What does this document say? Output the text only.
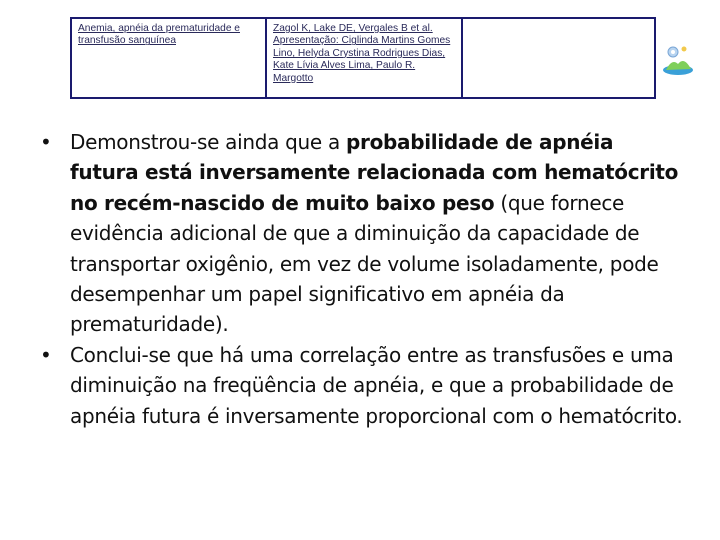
Anemia, apnéia da prematuridade e transfusão sanguínea
Zagol K, Lake DE, Vergales B et al. Apresentação: Ciglinda Martins Gomes Lino, Helyda Crystina Rodrigues Dias, Kate Lívia Alves Lima, Paulo R. Margotto
• Demonstrou-se ainda que a probabilidade de apnéia futura está inversamente relacionada com hematócrito no recém-nascido de muito baixo peso (que fornece evidência adicional de que a diminuição da capacidade de transportar oxigênio, em vez de volume isoladamente, pode desempenhar um papel significativo em apnéia da prematuridade).
• Conclui-se que há uma correlação entre as transfusões e uma diminuição na freqüência de apnéia, e que a probabilidade de apnéia futura é inversamente proporcional com o hematócrito.
